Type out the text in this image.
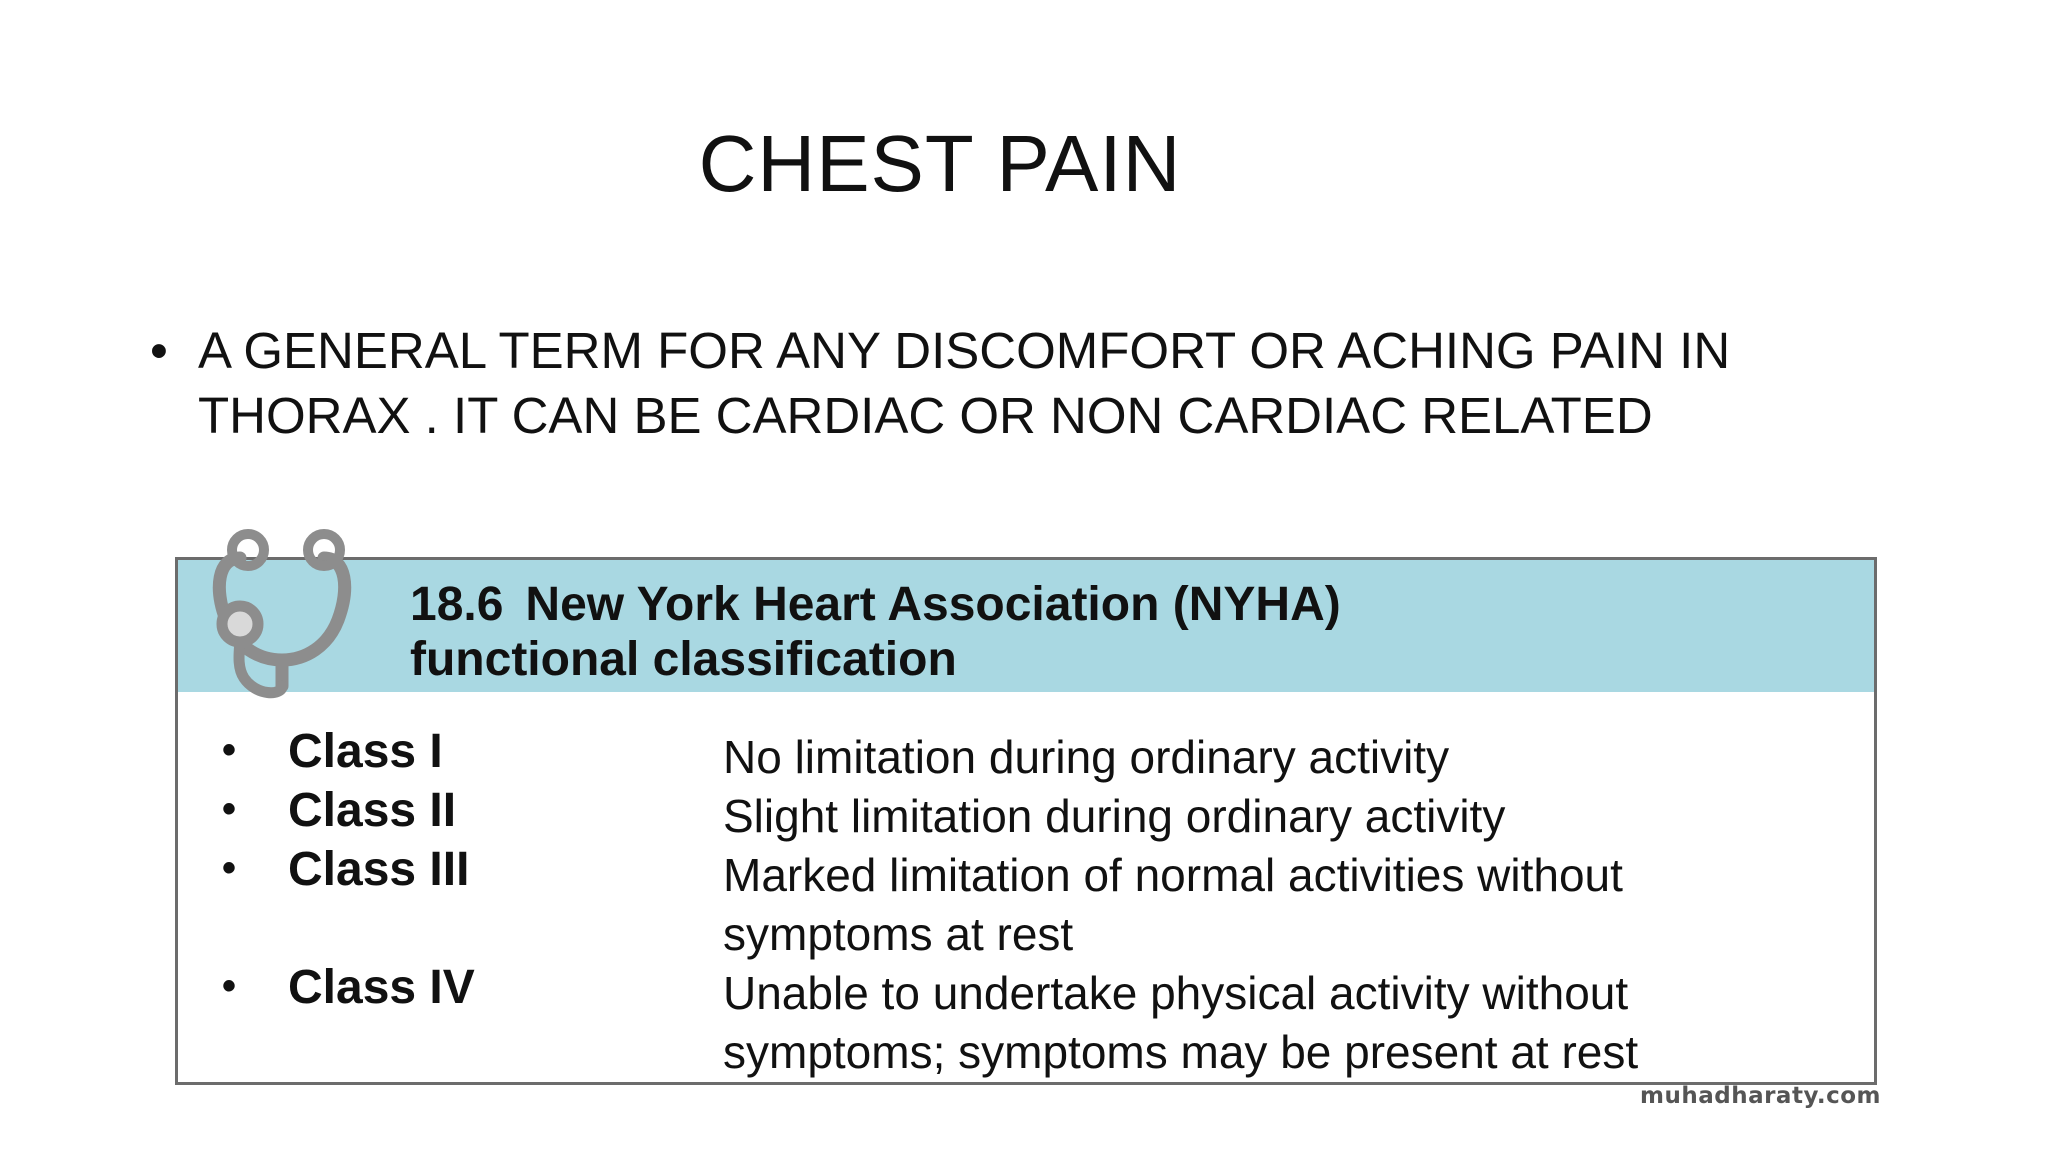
CHEST PAIN
• A GENERAL TERM FOR ANY DISCOMFORT OR ACHING PAIN IN
THORAX . IT CAN BE CARDIAC OR NON CARDIAC RELATED
18.6 New York Heart Association (NYHA)
functional classification
• Class I	No limitation during ordinary activity
• Class II	Slight limitation during ordinary activity
• Class III	Marked limitation of normal activities without
symptoms at rest
• Class IV	Unable to undertake physical activity without
symptoms; symptoms may be present at rest
muhadharaty.com
